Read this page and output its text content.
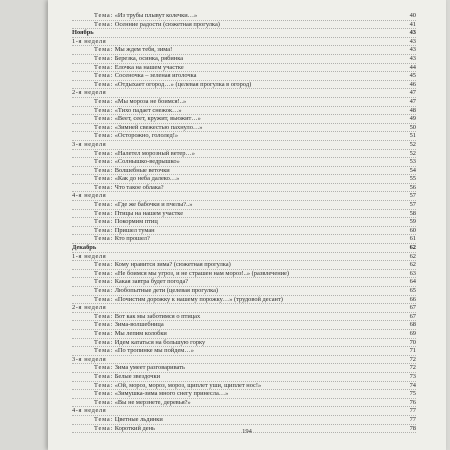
Тема: «Из трубы плывут колечки…»	40
Тема: Осенние радости (сюжетная прогулка)	41
Ноябрь	43
1-я неделя	43
Тема: Мы ждем тебя, зима!	43
Тема: Березка, осинка, рябинка	43
Тема: Елочка на нашем участке	44
Тема: Сосеночка – зеленая иголочка	45
Тема: «Отдыхает огород…» (целевая прогулка в огород)	46
2-я неделя	47
Тема: «Мы мороза не боимся!..»	47
Тема: «Тихо падает снежок…»	48
Тема: «Веет, сеет, кружит, вьюжит…»	49
Тема: «Зимней свежестью пахнуло…»	50
Тема: «Осторожно, гололед!»	51
3-я неделя	52
Тема: «Налетел морозный ветер…»	52
Тема: «Солнышко-ведрышко»	53
Тема: Волшебные веточки	54
Тема: «Как до неба далеко…»	55
Тема: Что такое облака?	56
4-я неделя	57
Тема: «Где же бабочки и пчелы?..»	57
Тема: Птицы на нашем участке	58
Тема: Покормим птиц	59
Тема: Пришел туман	60
Тема: Кто прошел?	61
Декабрь	62
1-я неделя	62
Тема: Кому нравится зима? (сюжетная прогулка)	62
Тема: «Не боимся мы угроз, и не страшен нам мороз!..» (развлечение)	63
Тема: Какая завтра будет погода?	64
Тема: Любопытные дети (целевая прогулка)	65
Тема: «Почистим дорожку к нашему порожку…» (трудовой десант)	66
2-я неделя	67
Тема: Вот как мы заботимся о птицах	67
Тема: Зима-волшебница	68
Тема: Мы лепим колобки	69
Тема: Идем кататься на большую горку	70
Тема: «По тропинке мы пойдем…»	71
3-я неделя	72
Тема: Зима умеет разговаривать	72
Тема: Белые звездочки	73
Тема: «Ой, мороз, мороз, мороз, щиплет уши, щиплет нос!»	74
Тема: «Зимушка-зима много снегу принесла…»	75
Тема: «Вы не мерзнете, деревья?»	76
4-я неделя	77
Тема: Цветные льдинки	77
Тема: Короткий день	78
194
